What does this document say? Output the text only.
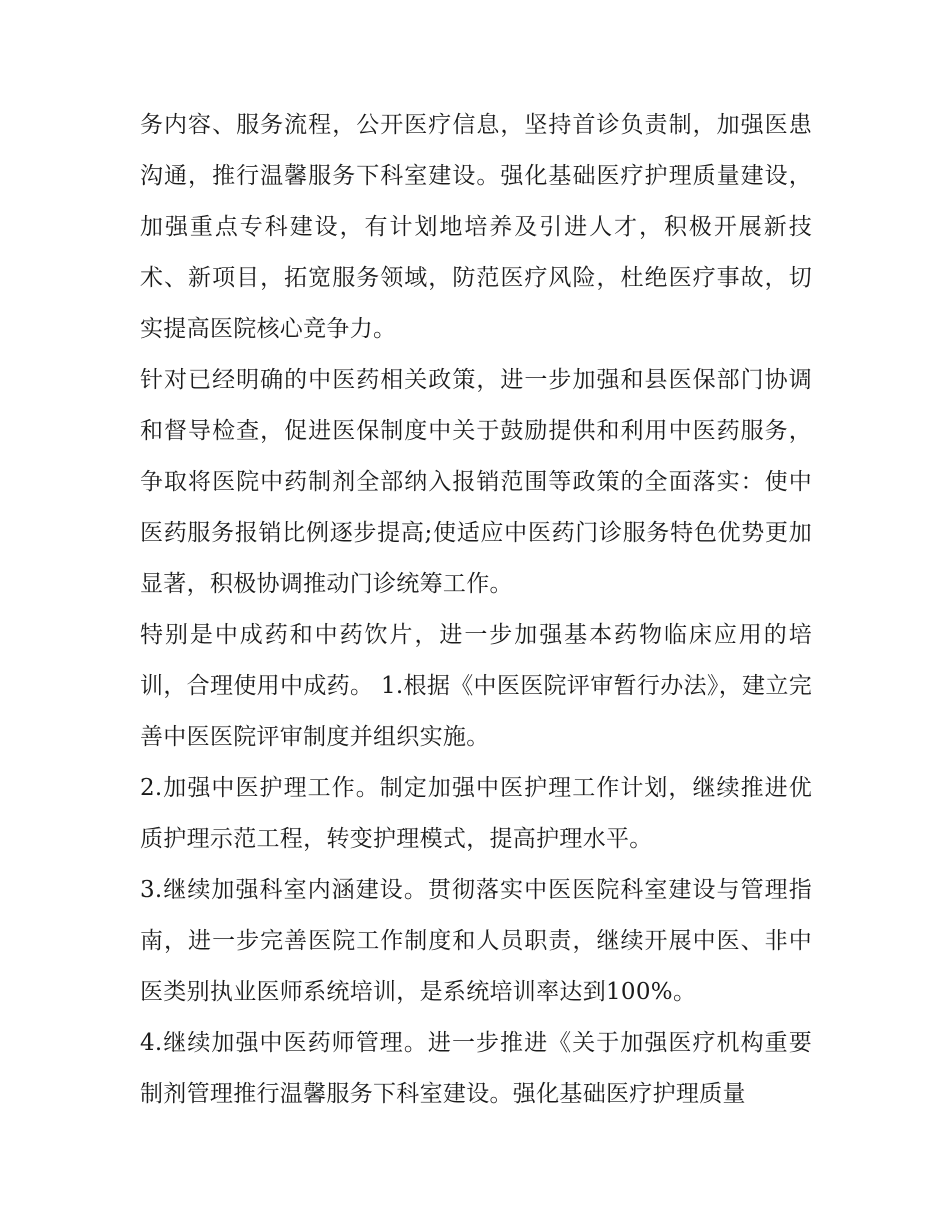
务内容、服务流程，公开医疗信息，坚持首诊负责制，加强医患沟通，推行温馨服务下科室建设。强化基础医疗护理质量建设，加强重点专科建设，有计划地培养及引进人才，积极开展新技术、新项目，拓宽服务领域，防范医疗风险，杜绝医疗事故，切实提高医院核心竞争力。

针对已经明确的中医药相关政策，进一步加强和县医保部门协调和督导检查，促进医保制度中关于鼓励提供和利用中医药服务，争取将医院中药制剂全部纳入报销范围等政策的全面落实：使中医药服务报销比例逐步提高;使适应中医药门诊服务特色优势更加显著，积极协调推动门诊统筹工作。

特别是中成药和中药饮片，进一步加强基本药物临床应用的培训，合理使用中成药。 1.根据《中医医院评审暂行办法》，建立完善中医医院评审制度并组织实施。

2.加强中医护理工作。制定加强中医护理工作计划，继续推进优质护理示范工程，转变护理模式，提高护理水平。

3.继续加强科室内涵建设。贯彻落实中医医院科室建设与管理指南，进一步完善医院工作制度和人员职责，继续开展中医、非中医类别执业医师系统培训，是系统培训率达到100%。

4.继续加强中医药师管理。进一步推进《关于加强医疗机构重要制剂管理推行温馨服务下科室建设。强化基础医疗护理质量
